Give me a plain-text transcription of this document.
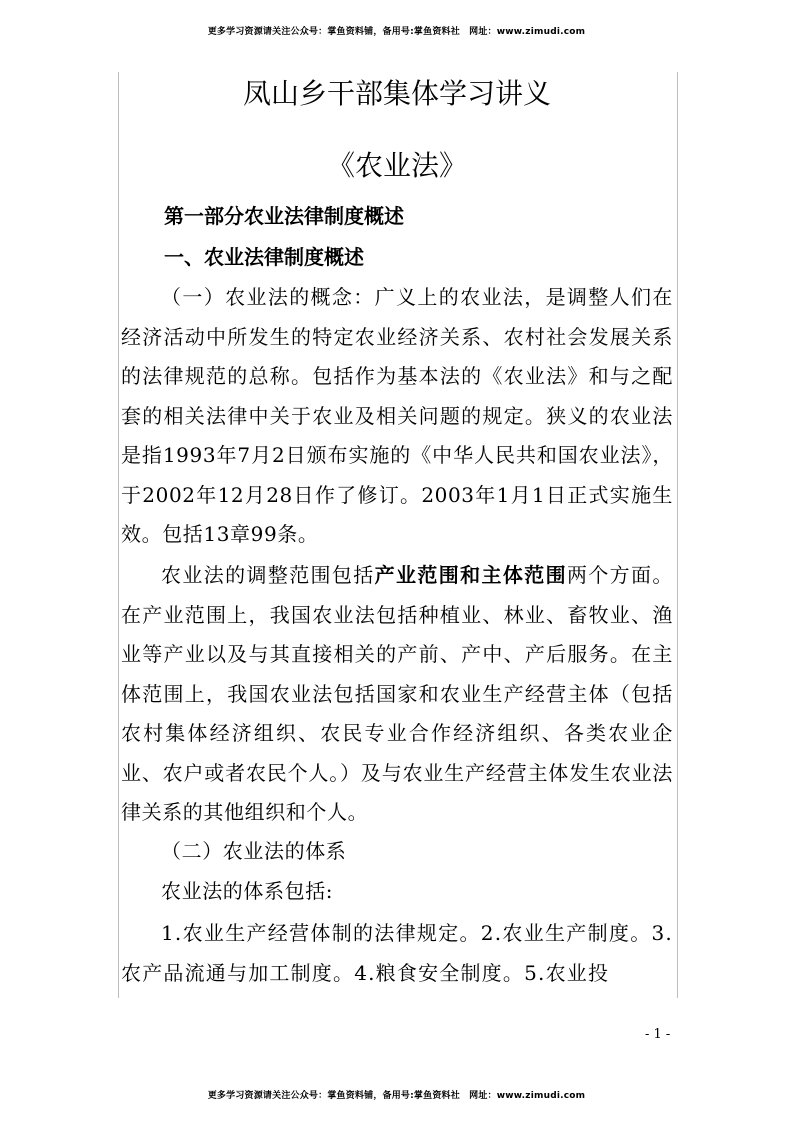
更多学习资源请关注公众号：掌鱼资料铺，备用号:掌鱼资料社　网址：www.zimudi.com
凤山乡干部集体学习讲义
《农业法》
第一部分农业法律制度概述
一、农业法律制度概述

（一）农业法的概念：广义上的农业法，是调整人们在经济活动中所发生的特定农业经济关系、农村社会发展关系的法律规范的总称。包括作为基本法的《农业法》和与之配套的相关法律中关于农业及相关问题的规定。狭义的农业法是指1993年7月2日颁布实施的《中华人民共和国农业法》，于2002年12月28日作了修订。2003年1月1日正式实施生效。包括13章99条。

农业法的调整范围包括产业范围和主体范围两个方面。在产业范围上，我国农业法包括种植业、林业、畜牧业、渔业等产业以及与其直接相关的产前、产中、产后服务。在主体范围上，我国农业法包括国家和农业生产经营主体（包括农村集体经济组织、农民专业合作经济组织、各类农业企业、农户或者农民个人。）及与农业生产经营主体发生农业法律关系的其他组织和个人。

（二）农业法的体系
农业法的体系包括:

1.农业生产经营体制的法律规定。2.农业生产制度。3.农产品流通与加工制度。4.粮食安全制度。5.农业投

- 1 -
更多学习资源请关注公众号：掌鱼资料铺，备用号:掌鱼资料社　网址：www.zimudi.com
